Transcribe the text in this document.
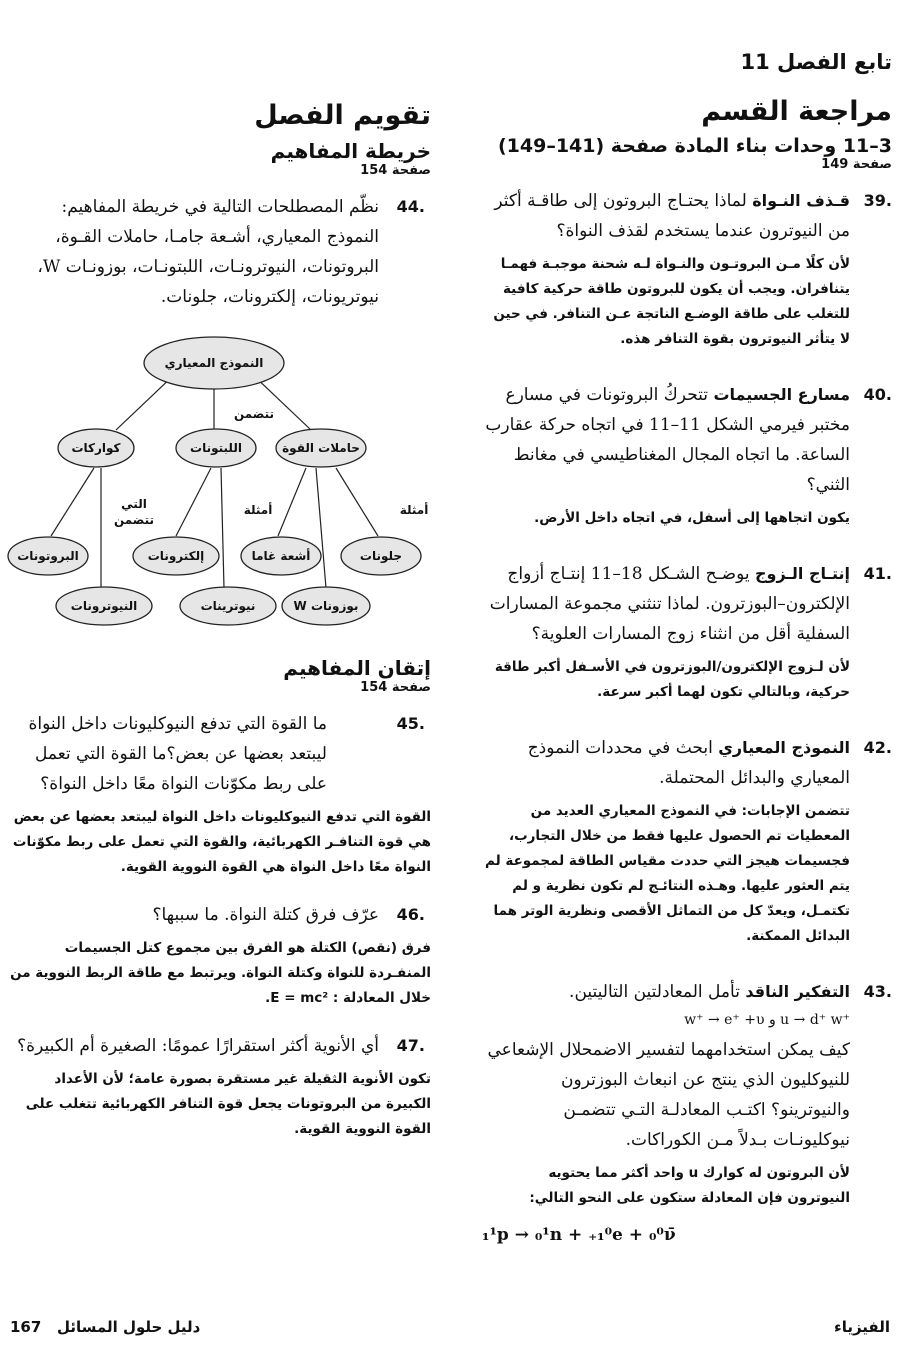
تابع الفصل 11
مراجعة القسم
3–11 وحدات بناء المادة صفحة (141–149)
صفحة 149
.39

قـذف النـواة لماذا يحتـاج البروتون إلى طاقـة أكثر من النيوترون عندما يستخدم لقذف النواة؟

لأن كلًا مـن البروتـون والنـواة لـه شحنة موجبـة فهمـا يتنافران. ويجب أن يكون للبروتون طاقة حركية كافية للتغلب على طاقة الوضـع الناتجة عـن التنافر. في حين لا يتأثر النيوترون بقوة التنافر هذه.

.40

مسارع الجسيمات تتحركُ البروتونات في مسارع مختبر فيرمي الشكل 11–11 في اتجاه حركة عقارب الساعة. ما اتجاه المجال المغناطيسي في مغانط الثني؟

يكون اتجاهها إلى أسفل، في اتجاه داخل الأرض.

.41

إنتـاج الـزوج يوضـح الشـكل 18–11 إنتـاج أزواج الإلكترون–البوزترون. لماذا تنثني مجموعة المسارات السفلية أقل من انثناء زوج المسارات العلوية؟

لأن لـزوج الإلكترون/البوزترون في الأسـفل أكبر طاقة حركية، وبالتالي تكون لهما أكبر سرعة.

.42

النموذج المعياري ابحث في محددات النموذج المعياري والبدائل المحتملة.

تتضمن الإجابات: في النموذج المعياري العديد من المعطيات تم الحصول عليها فقط من خلال التجارب، فجسيمات هيجز التي حددت مقياس الطاقة لمجموعة لم يتم العثور عليها. وهـذه النتائـج لم تكون نظرية و لم تكتمـل، ويعدّ كل من التماثل الأقصى ونظرية الوتر هما البدائل الممكنة.

.43

التفكير الناقد تأمل المعادلتين التاليتين.

w⁺ → e⁺ +υ و u → d⁺ w⁺

كيف يمكن استخدامهما لتفسير الاضمحلال الإشعاعي للنيوكليون الذي ينتج عن انبعاث البوزترون والنيوترينو؟ اكتـب المعادلـة التـي تتضمـن نيوكليونـات بـدلاً مـن الكوراكات.

لأن البروتون له كوارك u واحد أكثر مما يحتويه النيوترون فإن المعادلة ستكون على النحو التالي:

₁¹p → ₀¹n + ₊₁⁰e + ₀⁰ν̄

تقويم الفصل
خريطة المفاهيم
صفحة 154
.44

نظّم المصطلحات التالية في خريطة المفاهيم: النموذج المعياري، أشـعة جامـا، حاملات القـوة، البروتونات، النيوترونـات، اللبتونـات، بوزونـات W، نيوتريونات، إلكترونات، جلونات.

النموذج المعياري
حاملات القوة
اللبتونات
كواركات
جلونات
أشعة غاما
إلكترونات
البروتونات
بوزونات W
نيوترينات
النيوترونات
تتضمن
أمثلة	أمثلة
التي تتضمن
إتقان المفاهيم
صفحة 154
.45

ما القوة التي تدفع النيوكليونات داخل النواة ليبتعد بعضها عن بعض؟ما القوة التي تعمل على ربط مكوّنات النواة معًا داخل النواة؟

القوة التي تدفع النيوكليونات داخل النواة ليبتعد بعضها عن بعض هي قوة التنافـر الكهربائية، والقوة التي تعمل على ربط مكوّنات النواة معًا داخل النواة هي القوة النووية القوية.

.46

عرّف فرق كتلة النواة. ما سببها؟

فرق (نقص) الكتلة هو الفرق بين مجموع كتل الجسيمات المنفـردة للنواة وكتلة النواة. ويرتبط مع طاقة الربط النووية من خلال المعادلة : E = mc².

.47

أي الأنوية أكثر استقرارًا عمومًا: الصغيرة أم الكبيرة؟

تكون الأنوية الثقيلة غير مستقرة بصورة عامة؛ لأن الأعداد الكبيرة من البروتونات يجعل قوة التنافر الكهربائية تتغلب على القوة النووية القوية.

الفيزياء
دليل حلول المسائل   167
